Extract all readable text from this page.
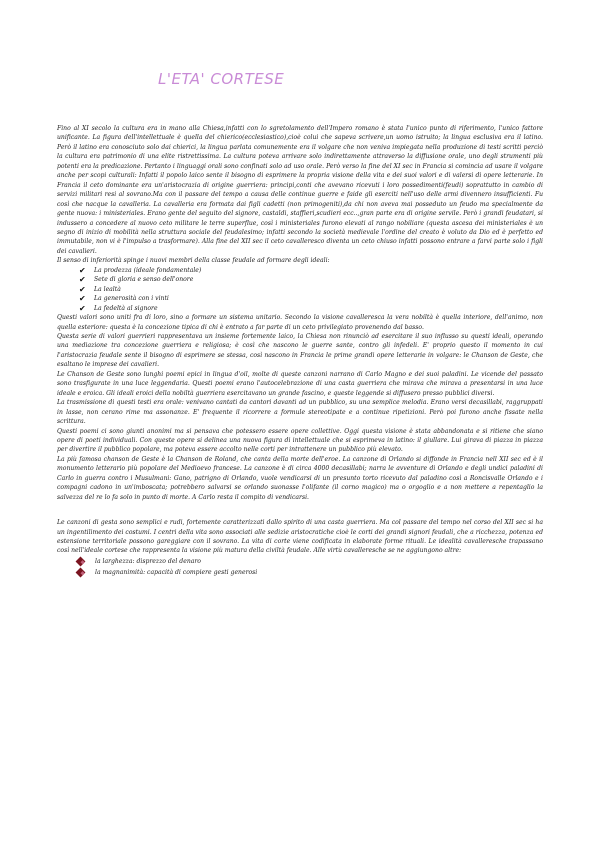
L'ETA' CORTESE

Fino al XI secolo la cultura era in mano alla Chiesa,infatti con lo sgretolamento dell'Impero romano è stata l'unico punto di riferimento, l'unico fattore unificante. La figura dell'intellettuale è quella del chierico(ecclesiastico),cioè colui che sapeva scrivere,un uomo istruito; la lingua esclusiva era il latino. Però il latino era conosciuto solo dai chierici, la lingua parlata comunemente era il volgare che non veniva impiegata nella produzione di testi scritti perciò la cultura era patrimonio di una elite ristrettissima. La cultura poteva arrivare solo indirettamente attraverso la diffusione orale, uno degli strumenti più potenti era la predicazione. Pertanto i linguaggi orali sono confinati solo ad uso orale. Però verso la fine del XI sec in Francia si comincia ad usare il volgare anche per scopi culturali: Infatti il popolo laico sente il bisogno di esprimere la propria visione della vita e dei suoi valori e di valersi di opere letterarie. In Francia il ceto dominante era un'aristocrazia di origine guerriera: principi,conti che avevano ricevuti i loro possedimenti(feudi) soprattutto in cambio di servizi militari resi al sovrano.Ma con il passare del tempo a causa delle continue guerre e faide gli eserciti nell'uso delle armi divennero insufficienti. Fu così che nacque la cavalleria. La cavalleria era formata dai figli cadetti (non primogeniti),da chi non aveva mai posseduto un feudo ma specialmente da gente nuova: i ministeriales. Erano gente del seguito del signore, castaldi, staffieri,scudieri ecc..,gran parte era di origine servile. Però i grandi feudatari, si indussero a concedere al nuovo ceto militare le terre superflue, così i ministeriales furono elevati al rango nobiliare (questa ascesa dei ministeriales è un segno di inizio di mobilità nella struttura sociale del feudalesimo; infatti secondo la società medievale l'ordine del creato è voluto da Dio ed è perfetto ed immutabile, non vi è l'impulso a trasformare). Alla fine del XII sec il ceto cavalleresco diventa un ceto chiuso infatti possono entrare a farvi parte solo i figli dei cavalieri.

Il senso di inferiorità spinge i nuovi membri della classe feudale ad formare degli ideali:

✔ La prodezza (ideale fondamentale)
✔ Sete di gloria e senso dell'onore
✔ La lealtà
✔ La generosità con i vinti
✔ La fedeltà al signore

Questi valori sono uniti fra di loro, sino a formare un sistema unitario. Secondo la visione cavalleresca la vera nobiltà è quella interiore, dell'animo, non quella esteriore: questa è la concezione tipica di chi è entrato a far parte di un ceto privilegiato provenendo dal basso.

Questa serie di valori guerrieri rappresentava un insieme fortemente laico, la Chiesa non rinunciò ad esercitare il suo influsso su questi ideali, operando una mediazione tra concezione guerriera e religiosa; è così che nascono le guerre sante, contro gli infedeli. E' proprio questo il momento in cui l'aristocrazia feudale sente il bisogno di esprimere se stessa, così nascono in Francia le prime grandi opere letterarie in volgare: le Chanson de Geste, che esaltano le imprese dei cavalieri.

Le Chanson de Geste sono lunghi poemi epici in lingua d'oil, molte di queste canzoni narrano di Carlo Magno e dei suoi paladini. Le vicende del passato sono trasfigurate in una luce leggendaria. Questi poemi erano l'autocelebrazione di una casta guerriera che mirava che mirava a presentarsi in una luce ideale e eroica. Gli ideali eroici della nobiltà guerriera esercitavano un grande fascino, e queste leggende si diffusero presso pubblici diversi.

La trasmissione di questi testi era orale: venivano cantati da cantori davanti ad un pubblico, su una semplice melodia. Erano versi decasillabi, raggruppati in lasse, non cerano rime ma assonanze. E' frequente il ricorrere a formule stereotipate e a continue ripetizioni. Però poi furono anche fissate nella scrittura.

Questi poemi ci sono giunti anonimi ma si pensava che potessero essere opere collettive. Oggi questa visione è stata abbandonata e si ritiene che siano opere di poeti individuali. Con queste opere si delinea una nuova figura di intellettuale che si esprimeva in latino: il giullare. Lui girava di piazza in piazza per divertire il pubblico popolare, ma poteva essere accolto nelle corti per intrattenere un pubblico più elevato.

La più famosa chanson de Geste è la Chanson de Roland, che canta della morte dell'eroe. La canzone di Orlando si diffonde in Francia nell XII sec ed è il monumento letterario più popolare del Medioevo francese. La canzone è di circa 4000 decasillabi; narra le avventure di Orlando e degli undici paladini di Carlo in guerra contro i Musulmani: Gano, patrigno di Orlando, vuole vendicarsi di un presunto torto ricevuto dal paladino così a Roncisvalle Orlando e i compagni cadono in un'imboscata; potrebbero salvarsi se orlando suonasse l'olifante (il corno magico) ma o orgoglio e a non mettere a repentaglio la salvezza del re lo fa solo in punto di morte. A Carlo resta il compito di vendicarsi.

Le canzoni di gesta sono semplici e rudi, fortemente caratterizzati dallo spirito di una casta guerriera. Ma col passare del tempo nel corso del XII sec si ha un ingentilimento dei costumi. I centri della vita sono associati alle sedizie aristocratiche cioè le corti dei grandi signori feudali, che a ricchezza, potenza ed estensione territoriale possono gareggiare con il sovrano. La vita di corte viene codificata in elaborate forme rituali. Le idealità cavalleresche trapassano così nell'ideale cortese che rappresenta la visione più matura della civiltà feudale. Alle virtù cavalleresche se ne aggiungono altre:

la larghezza: disprezzo del denaro
la magnanimità: capacità di compiere gesti generosi
